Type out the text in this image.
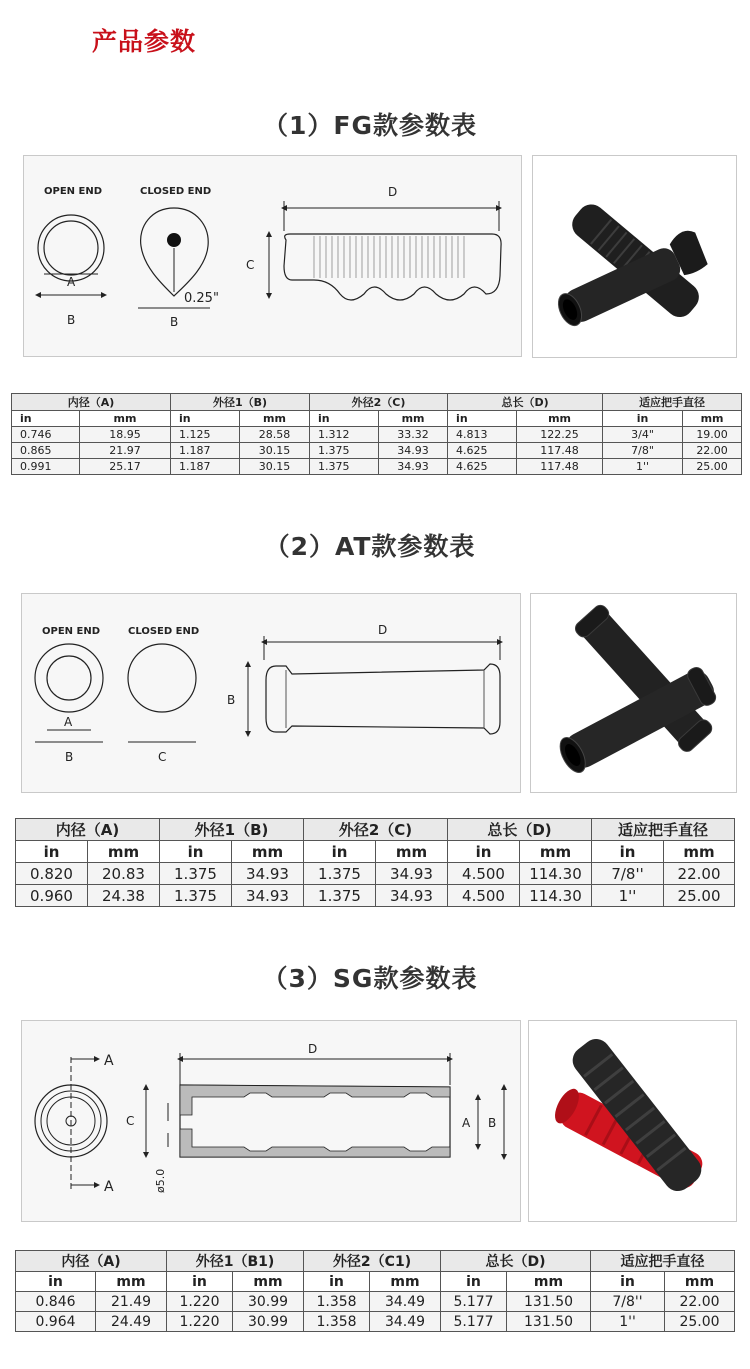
产品参数
（1）FG款参数表
OPEN END	CLOSED END
A
B
0.25"
B
D
C
内径（A)		外径1（B)		外径2（C)		总长（D)		适应把手直径	
in	mm	in	mm	in	mm	in	mm	in	mm
0.746	18.95	1.125	28.58	1.312	33.32	4.813	122.25	3/4"	19.00
0.865	21.97	1.187	30.15	1.375	34.93	4.625	117.48	7/8"	22.00
0.991	25.17	1.187	30.15	1.375	34.93	4.625	117.48	1''	25.00
（2）AT款参数表
OPEN END	CLOSED END
A
B	C
D
B
内径（A)		外径1（B)		外径2（C)		总长（D)		适应把手直径	
in	mm	in	mm	in	mm	in	mm	in	mm
0.820	20.83	1.375	34.93	1.375	34.93	4.500	114.30	7/8''	22.00
0.960	24.38	1.375	34.93	1.375	34.93	4.500	114.30	1''	25.00
（3）SG款参数表
A
A
D
C
ø5.0
A B
内径（A)		外径1（B1)		外径2（C1)		总长（D)		适应把手直径	
in	mm	in	mm	in	mm	in	mm	in	mm
0.846	21.49	1.220	30.99	1.358	34.49	5.177	131.50	7/8''	22.00
0.964	24.49	1.220	30.99	1.358	34.49	5.177	131.50	1''	25.00
